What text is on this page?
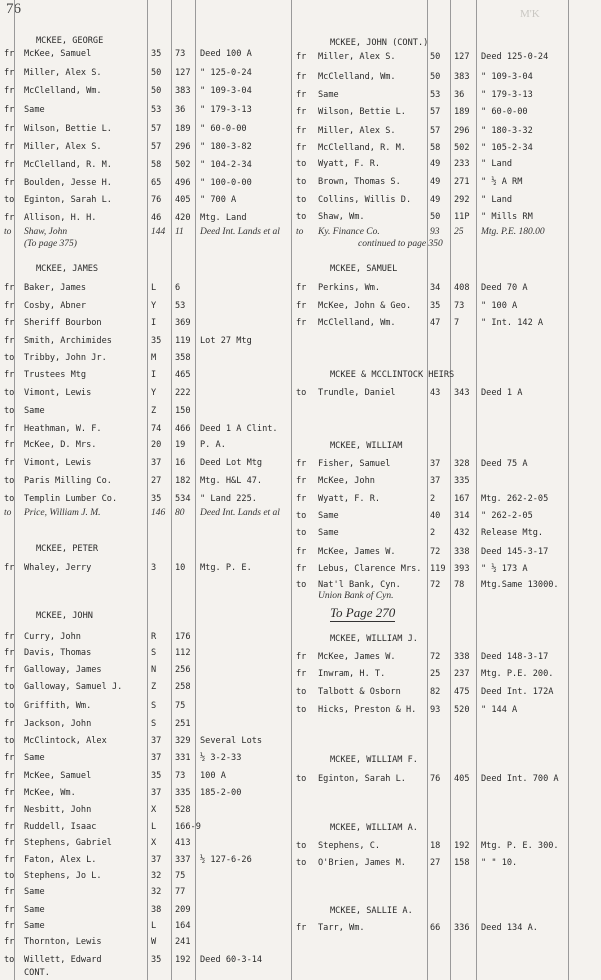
76	M'K
MCKEE, GEORGE
fr McKee, Samuel	35 73 Deed 100 A
fr Miller, Alex S.	50 127 " 125-0-24
fr McClelland, Wm.	50 383 " 109-3-04
fr Same	53 36 " 179-3-13
fr Wilson, Bettie L.	57 189 " 60-0-00
fr Miller, Alex S.	57 296 " 180-3-82
fr McClelland, R. M.	58 502 " 104-2-34
fr Boulden, Jesse H.	65 496 " 100-0-00
to Eginton, Sarah L.	76 405 " 700 A
fr Allison, H. H.	46 420 Mtg. Land
to Shaw, John	144 11 Deed Int. Lands et al
(To page 375)
MCKEE, JAMES
fr Baker, James	L 6
fr Cosby, Abner	Y 53
fr Sheriff Bourbon	I 369
fr Smith, Archimides	35 119 Lot 27 Mtg
to Tribby, John Jr.	M 358
fr Trustees Mtg	I 465
to Vimont, Lewis	Y 222
to Same	Z 150
fr Heathman, W. F.	74 466 Deed 1 A Clint.
fr McKee, D. Mrs.	20 19 P. A.
fr Vimont, Lewis	37 16 Deed Lot Mtg
to Paris Milling Co.	27 182 Mtg. H&L 47.
to Templin Lumber Co.	35 534 " Land 225.
to Price, William J. M.	146 80 Deed Int. Lands et al
MCKEE, PETER
fr Whaley, Jerry	3 10 Mtg. P. E.
MCKEE, JOHN
fr Curry, John	R 176
fr Davis, Thomas	S 112
fr Galloway, James	N 256
to Galloway, Samuel J.	Z 258
to Griffith, Wm.	S 75
fr Jackson, John	S 251
to McClintock, Alex	37 329 Several Lots
fr Same	37 331 ½ 3-2-33
fr McKee, Samuel	35 73 100 A
fr McKee, Wm.	37 335 185-2-00
fr Nesbitt, John	X 528
fr Ruddell, Isaac	L 166-9
fr Stephens, Gabriel	X 413
fr Faton, Alex L.	37 337 ½ 127-6-26
to Stephens, Jo L.	32 75
fr Same	32 77
fr Same	38 209
fr Same	L 164
fr Thornton, Lewis	W 241
to Willett, Edward	35 192 Deed 60-3-14
CONT.
MCKEE, JOHN (CONT.)
fr Miller, Alex S.	50 127 Deed 125-0-24
fr McClelland, Wm.	50 383 " 109-3-04
fr Same	53 36 " 179-3-13
fr Wilson, Bettie L.	57 189 " 60-0-00
fr Miller, Alex S.	57 296 " 180-3-32
fr McClelland, R. M.	58 502 " 105-2-34
to Wyatt, F. R.	49 233 " Land
to Brown, Thomas S.	49 271 " ½ A RM
to Collins, Willis D. 49 292 " Land
to Shaw, Wm.	50 11P " Mills RM
to Ky. Finance Co.	93 25 Mtg. P.E. 180.00
continued to page 350
MCKEE, SAMUEL
fr Perkins, Wm.	34 408 Deed 70 A
fr McKee, John & Geo. 35 73 " 100 A
fr McClelland, Wm.	47 7	" Int. 142 A
MCKEE & MCCLINTOCK HEIRS
to Trundle, Daniel	43 343 Deed 1 A
MCKEE, WILLIAM
fr Fisher, Samuel	37 328 Deed 75 A
fr McKee, John	37 335
fr Wyatt, F. R.	2 167 Mtg. 262-2-05
to Same	40 314 " 262-2-05
to Same	2 432 Release Mtg.
fr McKee, James W.	72 338 Deed 145-3-17
fr Lebus, Clarence Mrs. 119 393 " ½ 173 A
to Nat'l Bank, Cyn.	72 78 Mtg.Same 13000.
Union Bank of Cyn.
MCKEE, WILLIAM J.
fr McKee, James W.	72 338 Deed 148-3-17
fr Inwram, H. T.	25 237 Mtg. P.E. 200.
to Talbott & Osborn	82 475 Deed Int. 172A
to Hicks, Preston & H. 93 520 " 144 A
MCKEE, WILLIAM F.
to Eginton, Sarah L.	76 405 Deed Int. 700 A
MCKEE, WILLIAM A.
to Stephens, C.	18 192 Mtg. P. E. 300.
to O'Brien, James M.	27 158 " " 10.
MCKEE, SALLIE A.
fr Tarr, Wm.	66 336 Deed 134 A.
To Page 270
